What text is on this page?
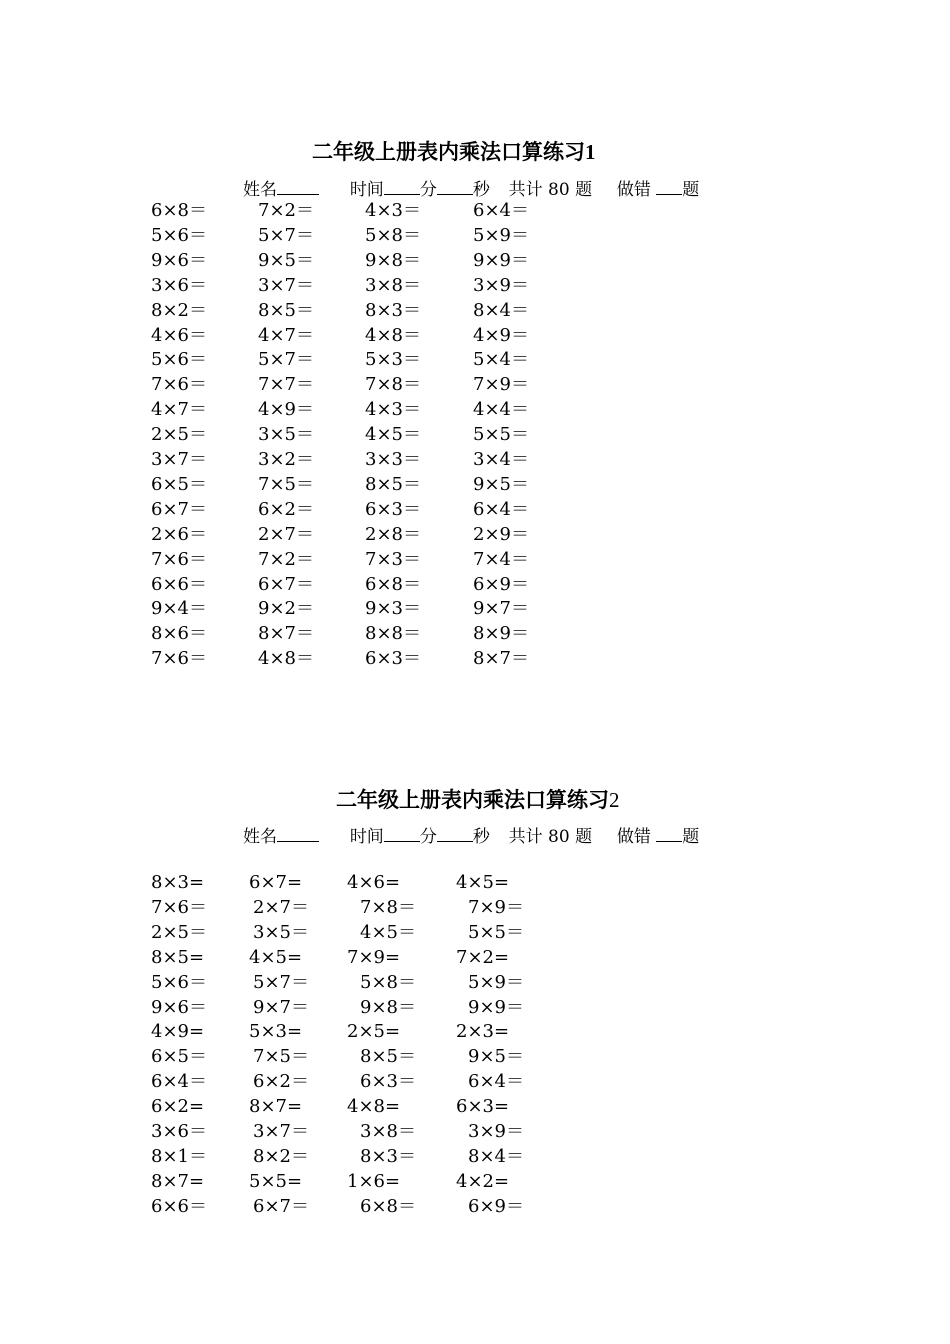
二年级上册表内乘法口算练习1
姓名	时间 分 秒 共计 80 题 做错 题
6×8＝	7×2＝	4×3＝	6×4＝
5×6＝	5×7＝	5×8＝	5×9＝
9×6＝	9×5＝	9×8＝	9×9＝
3×6＝	3×7＝	3×8＝	3×9＝
8×2＝	8×5＝	8×3＝	8×4＝
4×6＝	4×7＝	4×8＝	4×9＝
5×6＝	5×7＝	5×3＝	5×4＝
7×6＝	7×7＝	7×8＝	7×9＝
4×7＝	4×9＝	4×3＝	4×4＝
2×5＝	3×5＝	4×5＝	5×5＝
3×7＝	3×2＝	3×3＝	3×4＝
6×5＝	7×5＝	8×5＝	9×5＝
6×7＝	6×2＝	6×3＝	6×4＝
2×6＝	2×7＝	2×8＝	2×9＝
7×6＝	7×2＝	7×3＝	7×4＝
6×6＝	6×7＝	6×8＝	6×9＝
9×4＝	9×2＝	9×3＝	9×7＝
8×6＝	8×7＝	8×8＝	8×9＝
7×6＝	4×8＝	6×3＝	8×7＝
二年级上册表内乘法口算练习2
姓名	时间 分 秒 共计 80 题 做错 题
8×3= 6×7= 4×6=	4×5=
7×6＝	2×7＝	7×8＝	7×9＝
2×5＝	3×5＝	4×5＝	5×5＝
8×5= 4×5= 7×9=	7×2=
5×6＝	5×7＝	5×8＝	5×9＝
9×6＝	9×7＝	9×8＝	9×9＝
4×9= 5×3= 2×5=	2×3=
6×5＝	7×5＝	8×5＝	9×5＝
6×4＝	6×2＝	6×3＝	6×4＝
6×2= 8×7= 4×8=	6×3=
3×6＝	3×7＝	3×8＝	3×9＝
8×1＝	8×2＝	8×3＝	8×4＝
8×7= 5×5= 1×6=	4×2=
6×6＝	6×7＝	6×8＝	6×9＝
